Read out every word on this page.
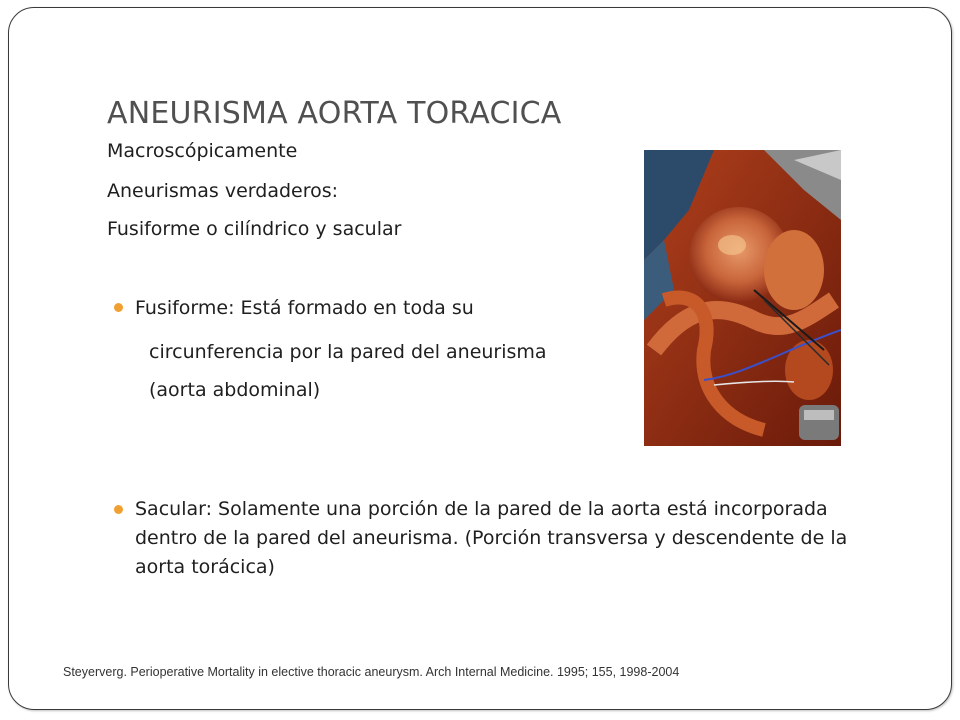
ANEURISMA AORTA TORACICA
Macroscópicamente
Aneurismas verdaderos:
Fusiforme o cilíndrico y sacular
Fusiforme: Está formado en toda su
circunferencia por la pared del aneurisma
(aorta abdominal)
Sacular: Solamente una porción de la pared de la aorta está incorporada dentro de la pared del aneurisma. (Porción transversa y descendente de la aorta torácica)
Steyerverg. Perioperative Mortality in elective thoracic aneurysm. Arch Internal Medicine. 1995; 155, 1998-2004
